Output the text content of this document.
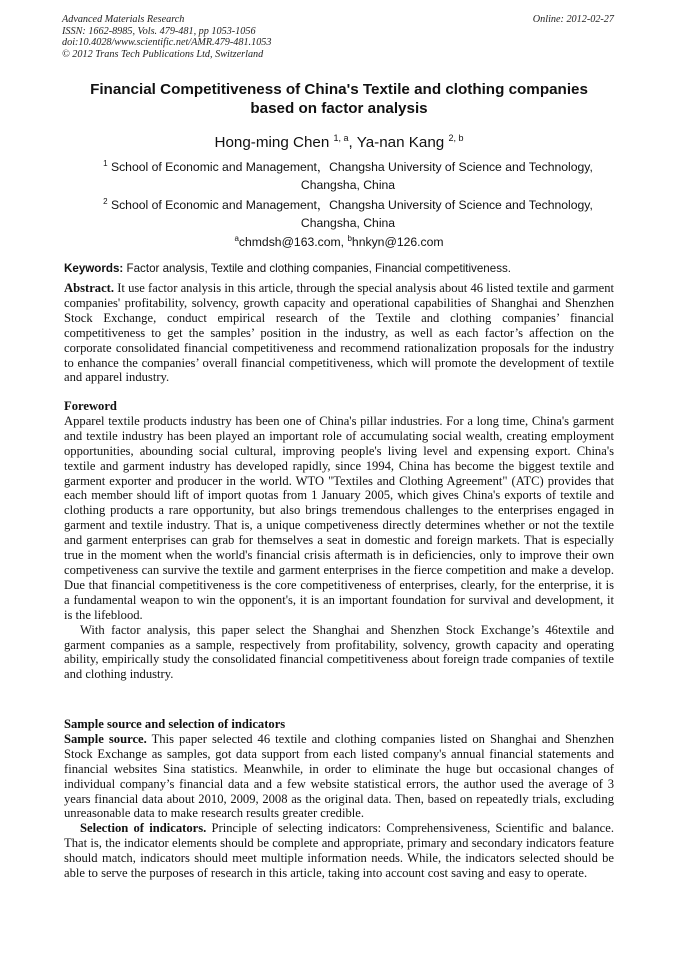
Advanced Materials Research
ISSN: 1662-8985, Vols. 479-481, pp 1053-1056
doi:10.4028/www.scientific.net/AMR.479-481.1053
© 2012 Trans Tech Publications Ltd, Switzerland
Online: 2012-02-27
Financial Competitiveness of China's Textile and clothing companies based on factor analysis
Hong-ming Chen $^{1, a}$, Ya-nan Kang $^{2, b}$
$^1$ School of Economic and Management，Changsha University of Science and Technology, Changsha, China
$^2$ School of Economic and Management，Changsha University of Science and Technology, Changsha, China
$^a$chmdsh@163.com, $^b$hnkyn@126.com
Keywords: Factor analysis, Textile and clothing companies, Financial competitiveness.

Abstract. It use factor analysis in this article, through the special analysis about 46 listed textile and garment companies' profitability, solvency, growth capacity and operational capabilities of Shanghai and Shenzhen Stock Exchange, conduct empirical research of the Textile and clothing companies’ financial competitiveness to get the samples’ position in the industry, as well as each factor’s affection on the corporate consolidated financial competitiveness and recommend rationalization proposals for the industry to enhance the companies’ overall financial competitiveness, which will promote the development of textile and apparel industry.

Foreword

Apparel textile products industry has been one of China's pillar industries. For a long time, China's garment and textile industry has been played an important role of accumulating social wealth, creating employment opportunities, abounding social cultural, improving people's living level and expensing export. China's textile and garment industry has developed rapidly, since 1994, China has become the biggest textile and garment exporter and producer in the world. WTO "Textiles and Clothing Agreement" (ATC) provides that each member should lift of import quotas from 1 January 2005, which gives China's exports of textile and clothing products a rare opportunity, but also brings tremendous challenges to the enterprises engaged in garment and textile industry. That is, a unique competiveness directly determines whether or not the textile and garment enterprises can grab for themselves a seat in domestic and foreign markets. That is especially true in the moment when the world's financial crisis aftermath is in deficiencies, only to improve their own competiveness can survive the textile and garment enterprises in the fierce competition and make a develop. Due that financial competitiveness is the core competitiveness of enterprises, clearly, for the enterprise, it is a fundamental weapon to win the opponent's, it is an important foundation for survival and development, it is the lifeblood.

With factor analysis, this paper select the Shanghai and Shenzhen Stock Exchange’s 46textile and garment companies as a sample, respectively from profitability, solvency, growth capacity and operating ability, empirically study the consolidated financial competitiveness about foreign trade companies of textile and clothing industry.

Sample source and selection of indicators

Sample source. This paper selected 46 textile and clothing companies listed on Shanghai and Shenzhen Stock Exchange as samples, got data support from each listed company's annual financial statements and financial websites Sina statistics. Meanwhile, in order to eliminate the huge but occasional changes of individual company’s financial data and a few website statistical errors, the author used the average of 3 years financial data about 2010, 2009, 2008 as the original data. Then, based on repeatedly trials, excluding unreasonable data to make research results greater credible.

Selection of indicators. Principle of selecting indicators: Comprehensiveness, Scientific and balance. That is, the indicator elements should be complete and appropriate, primary and secondary indicators feature should match, indicators should meet multiple information needs. While, the indicators selected should be able to serve the purposes of research in this article, taking into account cost saving and easy to operate.
